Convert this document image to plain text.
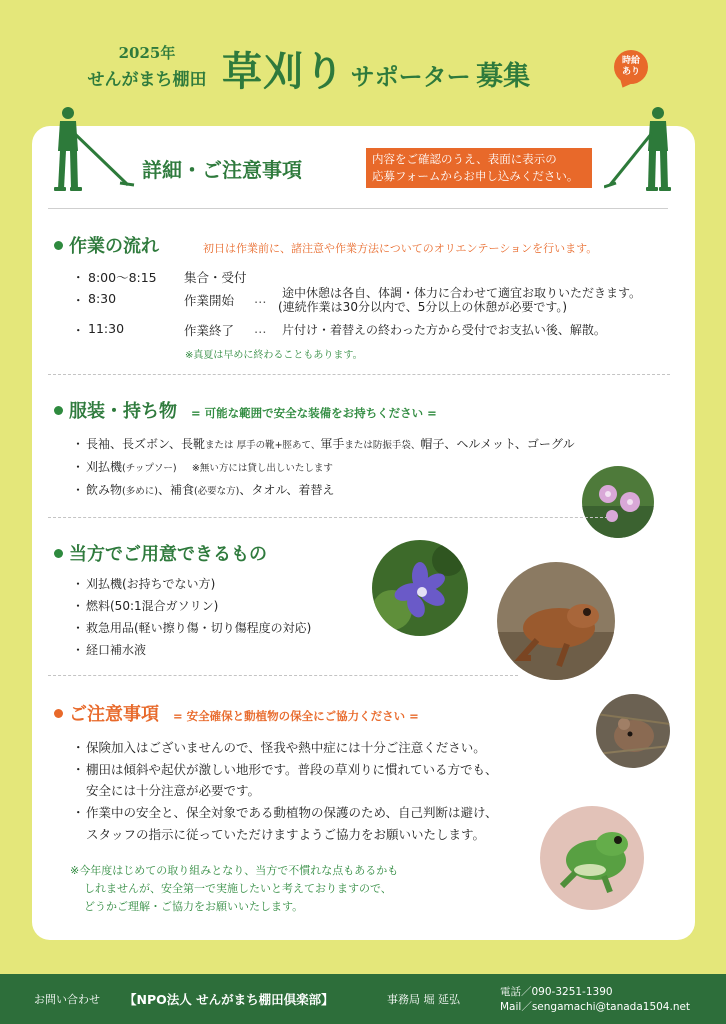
2025年
せんがまち棚田 草刈り サポーター 募集	時給
あり
詳細・ご注意事項	内容をご確認のうえ、表面に表示の
応募フォームからお申し込みください。
作業の流れ	初日は作業前に、諸注意や作業方法についてのオリエンテーションを行います。
・ 8:00〜8:15 集合・受付
・ 8:30	作業開始 … 途中休憩は各自、体調・体力に合わせて適宜お取りいただきます。
(連続作業は30分以内で、5分以上の休憩が必要です。)
・ 11:30	作業終了 … 片付け・着替えの終わった方から受付でお支払い後、解散。
※真夏は早めに終わることもあります。
服装・持ち物 = 可能な範囲で安全な装備をお持ちください =
・ 長袖、長ズボン、長靴または 厚手の靴+脛あて、軍手または防振手袋、帽子、ヘルメット、ゴーグル
・ 刈払機(チップソー) ※無い方には貸し出しいたします
・ 飲み物(多めに)、補食(必要な方)、タオル、着替え
当方でご用意できるもの
・ 刈払機(お持ちでない方)
・ 燃料(50:1混合ガソリン)
・ 救急用品(軽い擦り傷・切り傷程度の対応)
・ 経口補水液
ご注意事項 = 安全確保と動植物の保全にご協力ください =
・保険加入はございませんので、怪我や熱中症には十分ご注意ください。
・棚田は傾斜や起伏が激しい地形です。普段の草刈りに慣れている方でも、
安全には十分注意が必要です。
・作業中の安全と、保全対象である動植物の保護のため、自己判断は避け、
スタッフの指示に従っていただけますようご協力をお願いいたします。
※今年度はじめての取り組みとなり、当方で不慣れな点もあるかも
しれませんが、安全第一で実施したいと考えておりますので、
どうかご理解・ご協力をお願いいたします。
お問い合わせ 【NPO法人 せんがまち棚田倶楽部】	事務局 堀 延弘
電話／090-3251-1390
Mail／sengamachi@tanada1504.net
